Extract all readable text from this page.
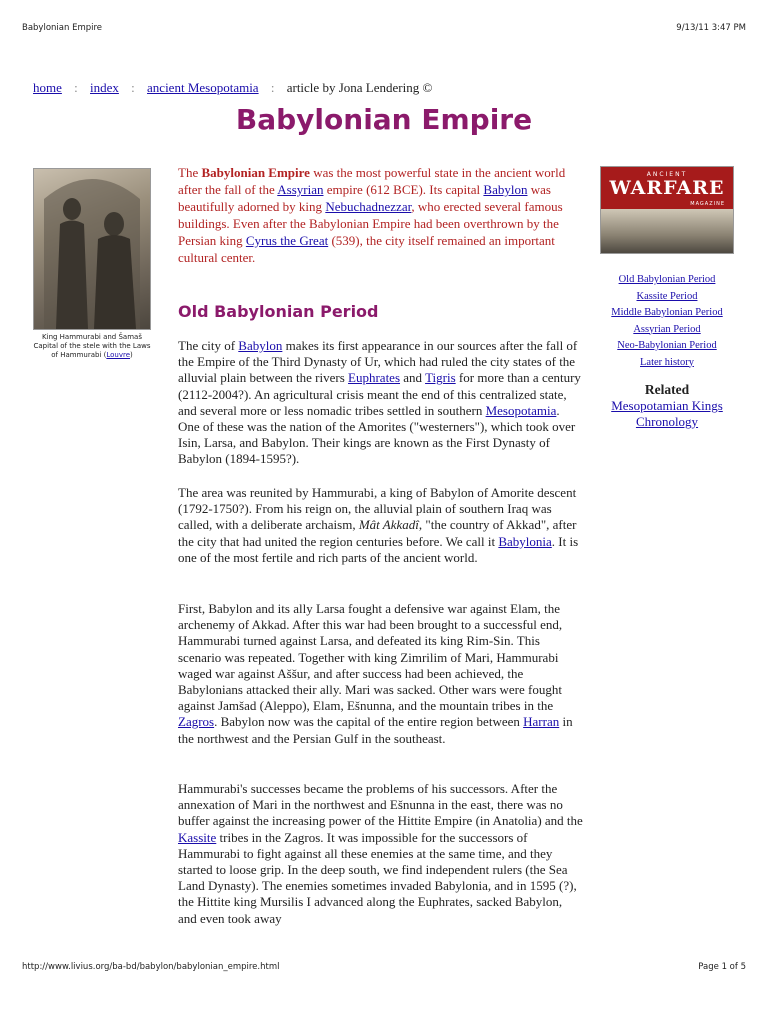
Babylonian Empire	9/13/11 3:47 PM
home : index : ancient Mesopotamia : article by Jona Lendering ©
Babylonian Empire
King Hammurabi and Šamaš Capital of the stele with the Laws of Hammurabi (Louvre)
The Babylonian Empire was the most powerful state in the ancient world after the fall of the Assyrian empire (612 BCE). Its capital Babylon was beautifully adorned by king Nebuchadnezzar, who erected several famous buildings. Even after the Babylonian Empire had been overthrown by the Persian king Cyrus the Great (539), the city itself remained an important cultural center.
Old Babylonian Period
The city of Babylon makes its first appearance in our sources after the fall of the Empire of the Third Dynasty of Ur, which had ruled the city states of the alluvial plain between the rivers Euphrates and Tigris for more than a century (2112-2004?). An agricultural crisis meant the end of this centralized state, and several more or less nomadic tribes settled in southern Mesopotamia. One of these was the nation of the Amorites ("westerners"), which took over Isin, Larsa, and Babylon. Their kings are known as the First Dynasty of Babylon (1894-1595?).
The area was reunited by Hammurabi, a king of Babylon of Amorite descent (1792-1750?). From his reign on, the alluvial plain of southern Iraq was called, with a deliberate archaism, Mât Akkadî, "the country of Akkad", after the city that had united the region centuries before. We call it Babylonia. It is one of the most fertile and rich parts of the ancient world.
First, Babylon and its ally Larsa fought a defensive war against Elam, the archenemy of Akkad. After this war had been brought to a successful end, Hammurabi turned against Larsa, and defeated its king Rim-Sin. This scenario was repeated. Together with king Zimrilim of Mari, Hammurabi waged war against Aššur, and after success had been achieved, the Babylonians attacked their ally. Mari was sacked. Other wars were fought against Jamšad (Aleppo), Elam, Ešnunna, and the mountain tribes in the Zagros. Babylon now was the capital of the entire region between Harran in the northwest and the Persian Gulf in the southeast.
Hammurabi's successes became the problems of his successors. After the annexation of Mari in the northwest and Ešnunna in the east, there was no buffer against the increasing power of the Hittite Empire (in Anatolia) and the Kassite tribes in the Zagros. It was impossible for the successors of Hammurabi to fight against all these enemies at the same time, and they started to loose grip. In the deep south, we find independent rulers (the Sea Land Dynasty). The enemies sometimes invaded Babylonia, and in 1595 (?), the Hittite king Mursilis I advanced along the Euphrates, sacked Babylon, and even took away
ANCIENT
WARFARE
MAGAZINE
Old Babylonian Period
Kassite Period
Middle Babylonian Period
Assyrian Period
Neo-Babylonian Period
Later history
Related
Mesopotamian Kings
Chronology
http://www.livius.org/ba-bd/babylon/babylonian_empire.html	Page 1 of 5
